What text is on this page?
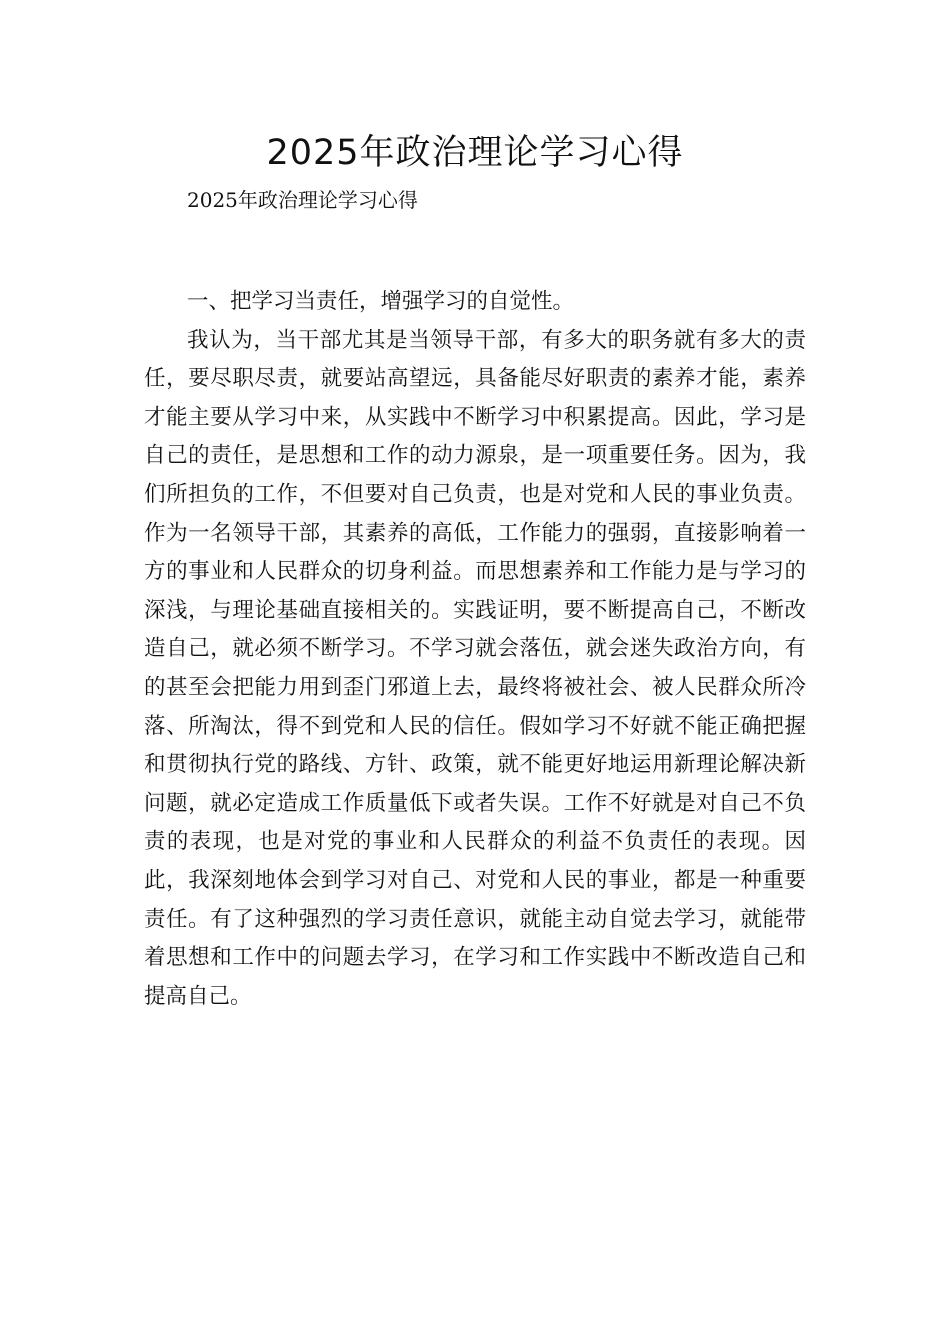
2025年政治理论学习心得

2025年政治理论学习心得

一、把学习当责任，增强学习的自觉性。

我认为，当干部尤其是当领导干部，有多大的职务就有多大的责任，要尽职尽责，就要站高望远，具备能尽好职责的素养才能，素养才能主要从学习中来，从实践中不断学习中积累提高。因此，学习是自己的责任，是思想和工作的动力源泉，是一项重要任务。因为，我们所担负的工作，不但要对自己负责，也是对党和人民的事业负责。作为一名领导干部，其素养的高低，工作能力的强弱，直接影响着一方的事业和人民群众的切身利益。而思想素养和工作能力是与学习的深浅，与理论基础直接相关的。实践证明，要不断提高自己，不断改造自己，就必须不断学习。不学习就会落伍，就会迷失政治方向，有的甚至会把能力用到歪门邪道上去，最终将被社会、被人民群众所冷落、所淘汰，得不到党和人民的信任。假如学习不好就不能正确把握和贯彻执行党的路线、方针、政策，就不能更好地运用新理论解决新问题，就必定造成工作质量低下或者失误。工作不好就是对自己不负责的表现，也是对党的事业和人民群众的利益不负责任的表现。因此，我深刻地体会到学习对自己、对党和人民的事业，都是一种重要责任。有了这种强烈的学习责任意识，就能主动自觉去学习，就能带着思想和工作中的问题去学习，在学习和工作实践中不断改造自己和提高自己。
